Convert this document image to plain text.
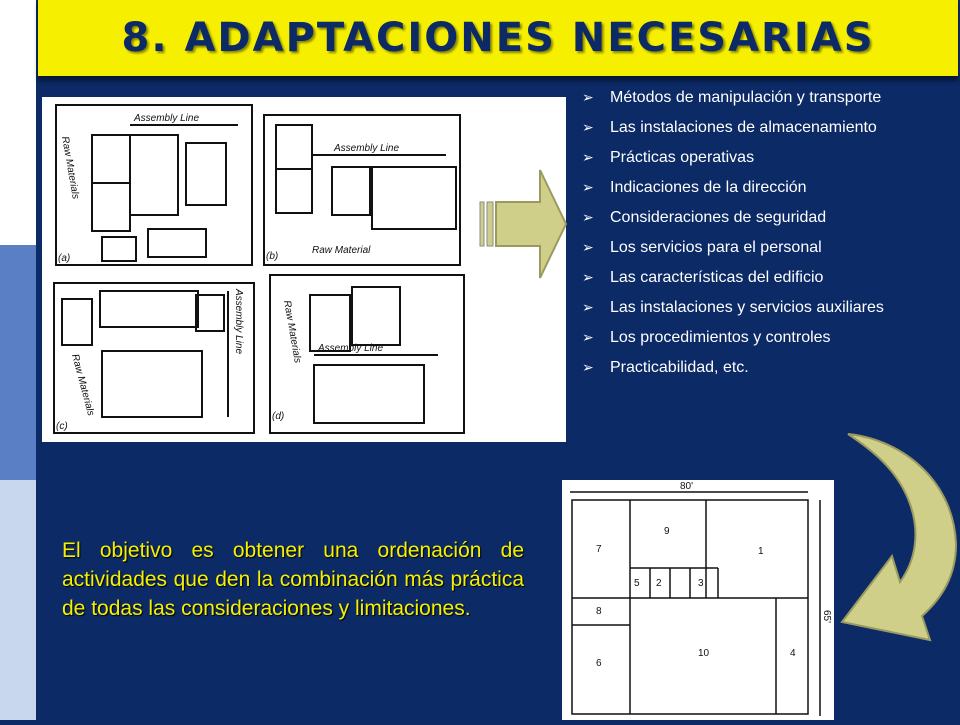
8. ADAPTACIONES NECESARIAS
Assembly Line
Raw Materials
(a)
Assembly Line
Raw Material
(b)
Assembly Line
Raw Materials
(c)
Assembly Line
Raw Materials
(d)
➢	Métodos de manipulación y transporte
➢	Las instalaciones de almacenamiento
➢	Prácticas operativas
➢	Indicaciones de la dirección
➢	Consideraciones de seguridad
➢	Los servicios para el personal
➢	Las características del edificio
➢	Las instalaciones y servicios auxiliares
➢	Los procedimientos y controles
➢	Practicabilidad, etc.

El objetivo es obtener una ordenación de actividades que den la combinación más práctica de todas las consideraciones y limitaciones.

80'
65'
1
2	3
4
5
6
7
8
9
10
